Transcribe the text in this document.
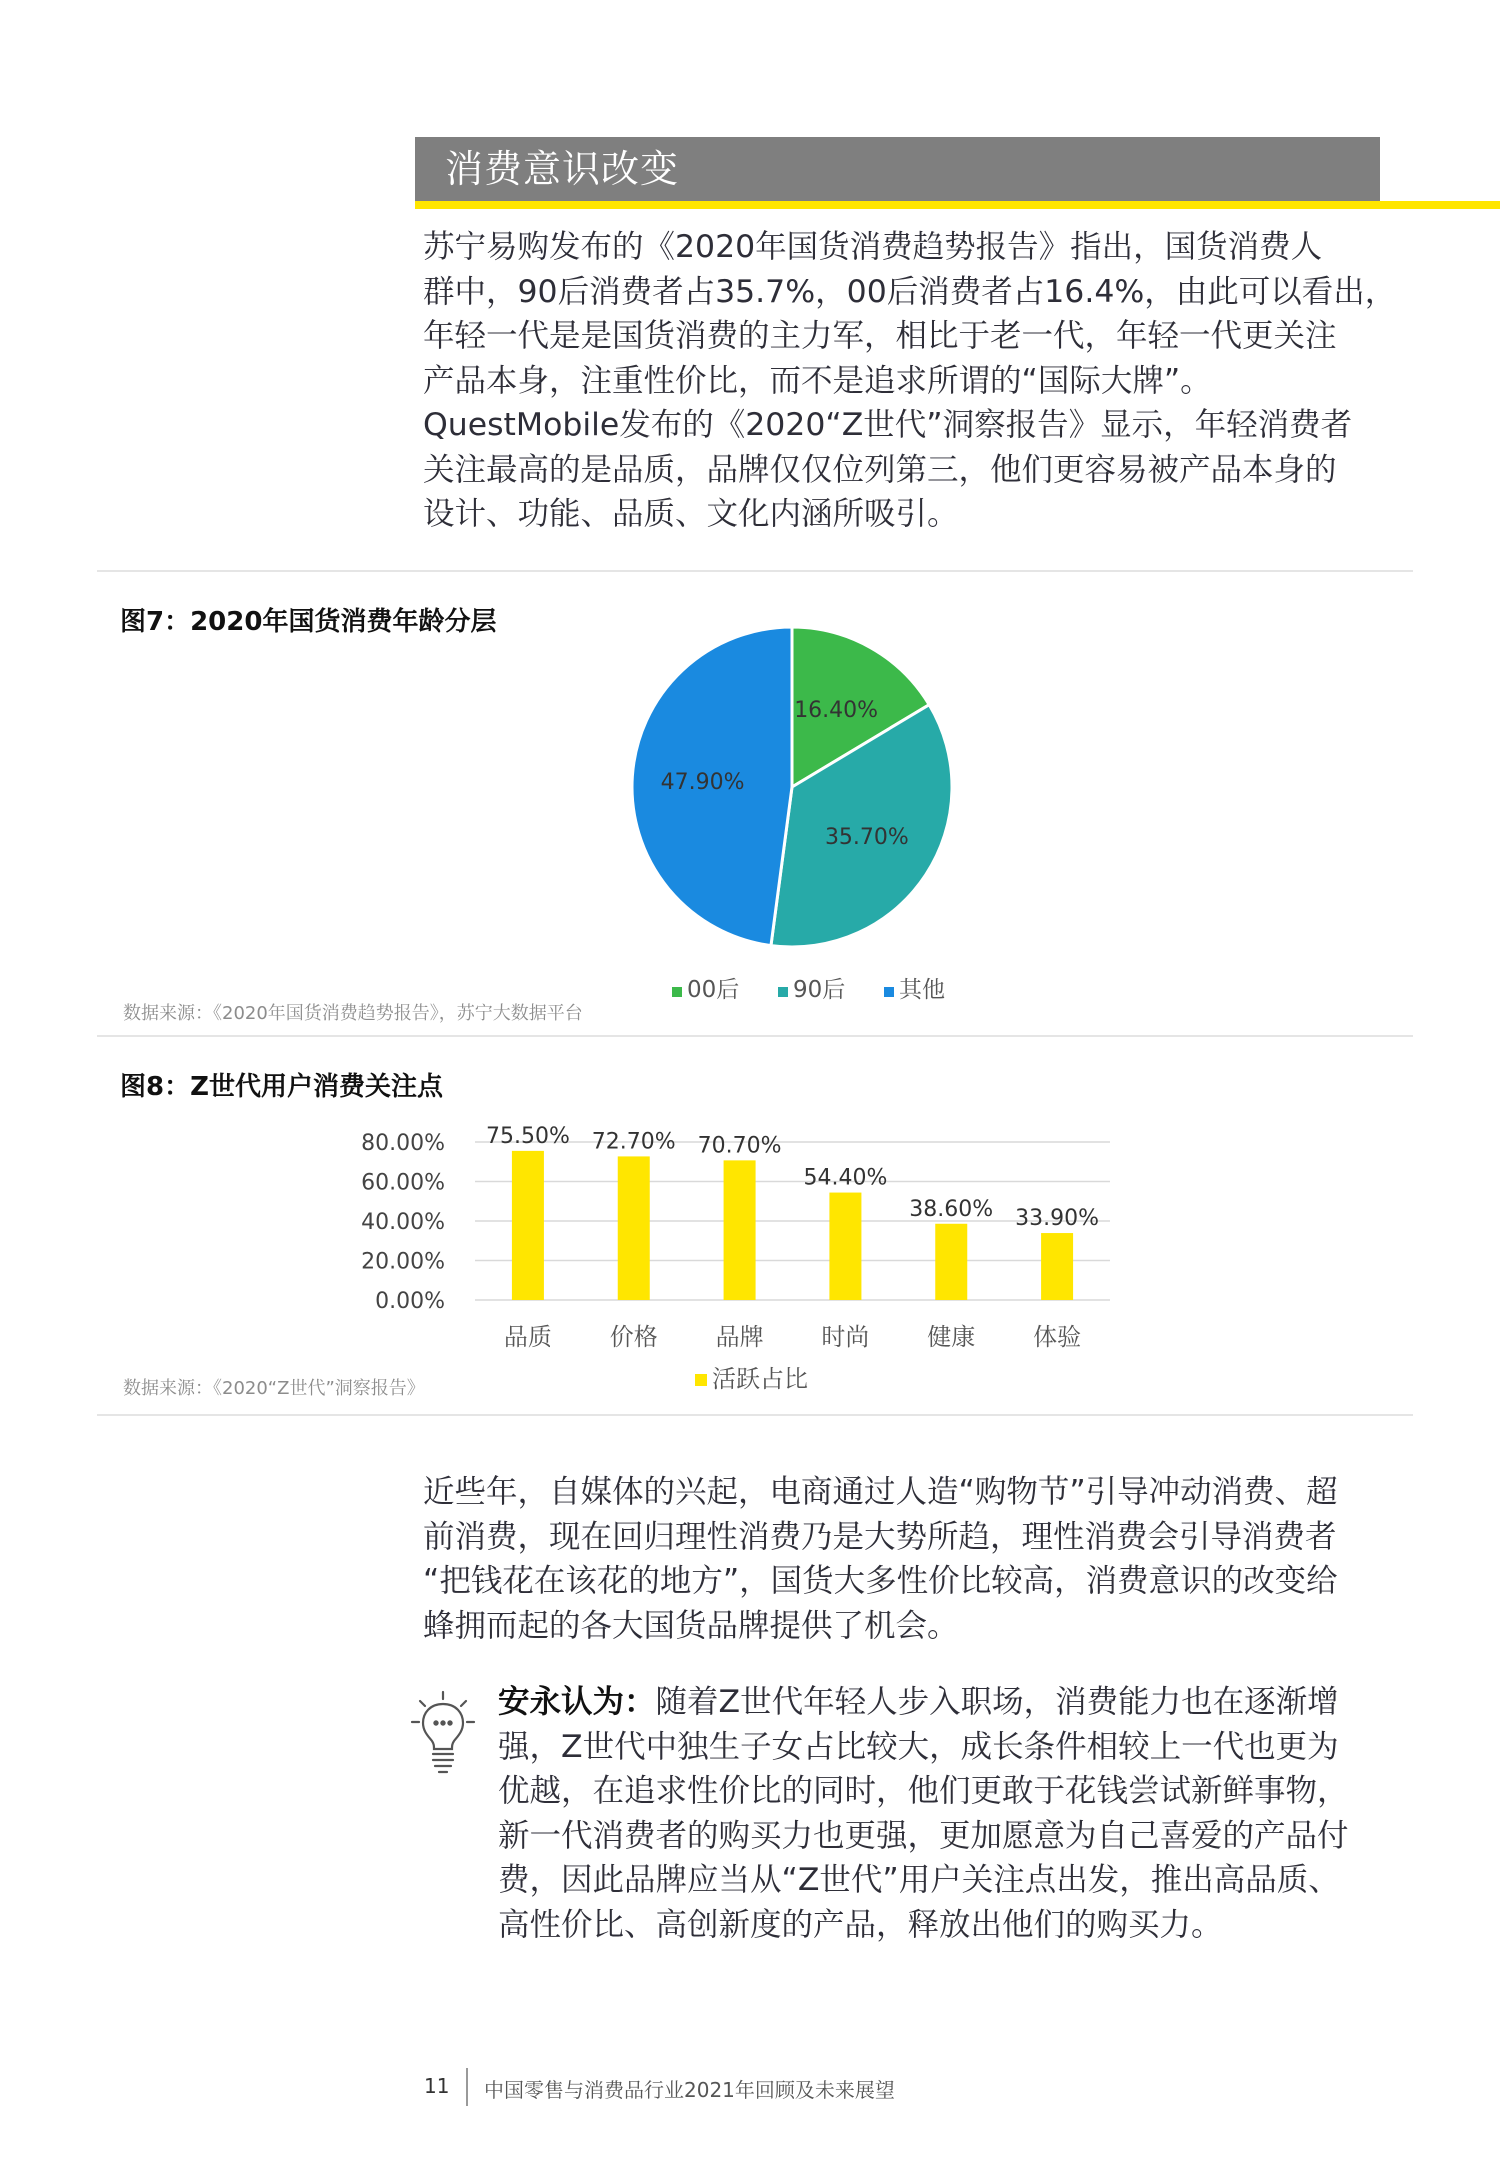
消费意识改变

苏宁易购发布的《2020年国货消费趋势报告》指出，国货消费人

群中，90后消费者占35.7%，00后消费者占16.4%，由此可以看出，

年轻一代是是国货消费的主力军，相比于老一代，年轻一代更关注

产品本身，注重性价比，而不是追求所谓的“国际大牌”。

QuestMobile发布的《2020“Z世代”洞察报告》显示，年轻消费者

关注最高的是品质，品牌仅仅位列第三，他们更容易被产品本身的

设计、功能、品质、文化内涵所吸引。

图7：2020年国货消费年龄分层
16.40%
35.70%
47.90%
00后 90后 其他
数据来源：《2020年国货消费趋势报告》，苏宁大数据平台
图8：Z世代用户消费关注点
0.00%
20.00%
40.00%
60.00%
80.00% 75.50%
品质
72.70%
价格
70.70%
品牌
54.40%
时尚
38.60%
健康
33.90%
体验
活跃占比
数据来源：《2020“Z世代”洞察报告》

近些年，自媒体的兴起，电商通过人造“购物节”引导冲动消费、超

前消费，现在回归理性消费乃是大势所趋，理性消费会引导消费者

“把钱花在该花的地方”，国货大多性价比较高，消费意识的改变给

蜂拥而起的各大国货品牌提供了机会。

安永认为：随着Z世代年轻人步入职场，消费能力也在逐渐增

强，Z世代中独生子女占比较大，成长条件相较上一代也更为

优越，在追求性价比的同时，他们更敢于花钱尝试新鲜事物，

新一代消费者的购买力也更强，更加愿意为自己喜爱的产品付

费，因此品牌应当从“Z世代”用户关注点出发，推出高品质、

高性价比、高创新度的产品，释放出他们的购买力。

11 中国零售与消费品行业2021年回顾及未来展望
